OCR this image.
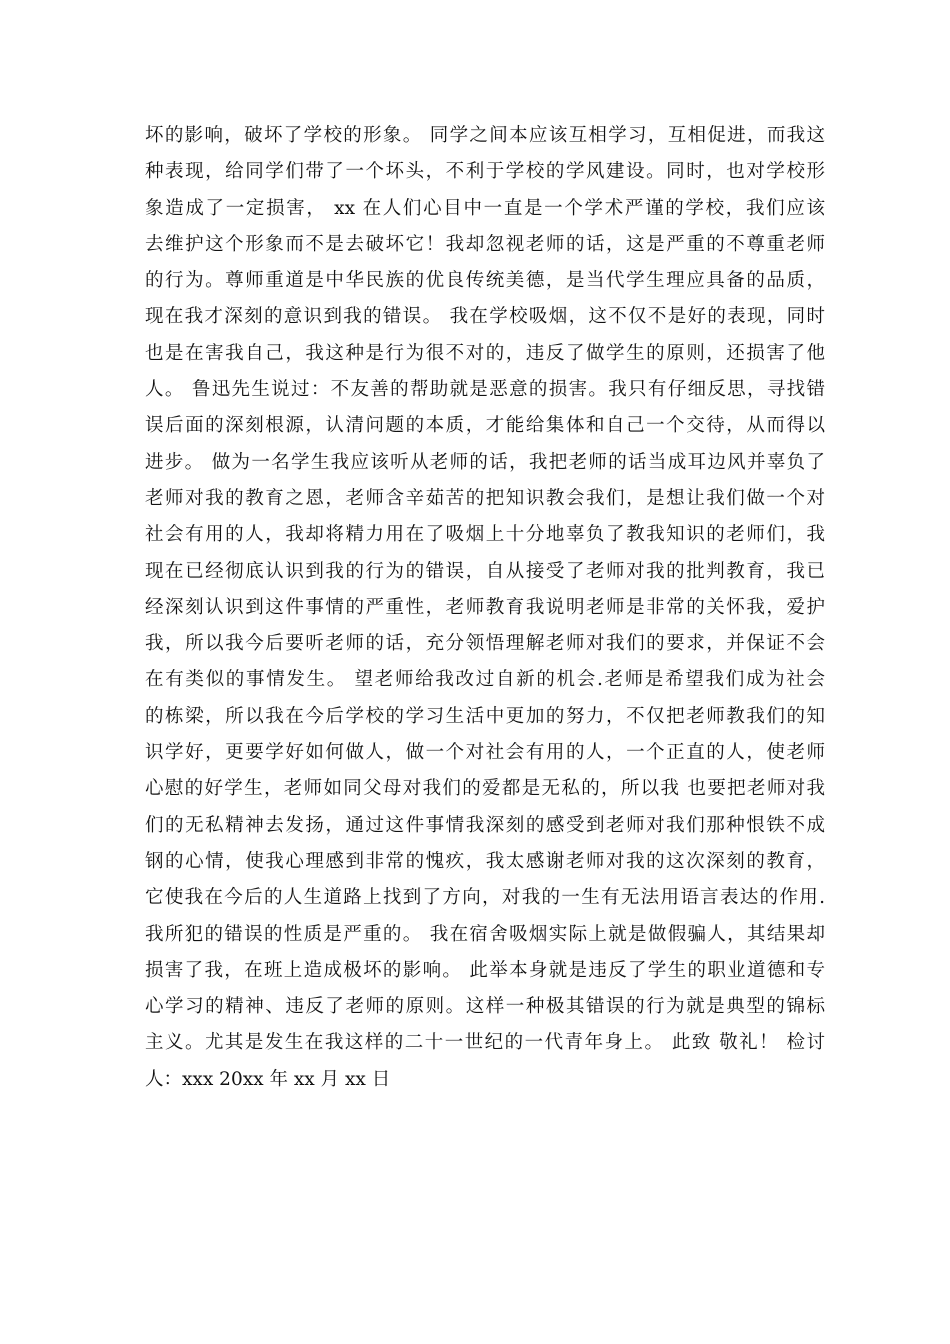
坏的影响，破坏了学校的形象。 同学之间本应该互相学习，互相促进，而我这
种表现，给同学们带了一个坏头，不利于学校的学风建设。同时，也对学校形
象造成了一定损害， xx 在人们心目中一直是一个学术严谨的学校，我们应该
去维护这个形象而不是去破坏它！我却忽视老师的话，这是严重的不尊重老师
的行为。尊师重道是中华民族的优良传统美德，是当代学生理应具备的品质，
现在我才深刻的意识到我的错误。 我在学校吸烟，这不仅不是好的表现，同时
也是在害我自己，我这种是行为很不对的，违反了做学生的原则，还损害了他
人。 鲁迅先生说过：不友善的帮助就是恶意的损害。我只有仔细反思，寻找错
误后面的深刻根源，认清问题的本质，才能给集体和自己一个交待，从而得以
进步。 做为一名学生我应该听从老师的话，我把老师的话当成耳边风并辜负了
老师对我的教育之恩，老师含辛茹苦的把知识教会我们，是想让我们做一个对
社会有用的人，我却将精力用在了吸烟上十分地辜负了教我知识的老师们，我
现在已经彻底认识到我的行为的错误，自从接受了老师对我的批判教育，我已
经深刻认识到这件事情的严重性，老师教育我说明老师是非常的关怀我，爱护
我，所以我今后要听老师的话，充分领悟理解老师对我们的要求，并保证不会
在有类似的事情发生。 望老师给我改过自新的机会.老师是希望我们成为社会
的栋梁，所以我在今后学校的学习生活中更加的努力，不仅把老师教我们的知
识学好，更要学好如何做人，做一个对社会有用的人，一个正直的人，使老师
心慰的好学生，老师如同父母对我们的爱都是无私的，所以我 也要把老师对我
们的无私精神去发扬，通过这件事情我深刻的感受到老师对我们那种恨铁不成
钢的心情，使我心理感到非常的愧疚，我太感谢老师对我的这次深刻的教育，
它使我在今后的人生道路上找到了方向，对我的一生有无法用语言表达的作用.
我所犯的错误的性质是严重的。 我在宿舍吸烟实际上就是做假骗人，其结果却
损害了我，在班上造成极坏的影响。 此举本身就是违反了学生的职业道德和专
心学习的精神、违反了老师的原则。这样一种极其错误的行为就是典型的锦标
主义。尤其是发生在我这样的二十一世纪的一代青年身上。 此致 敬礼！ 检讨
人：xxx 20xx 年 xx 月 xx 日
